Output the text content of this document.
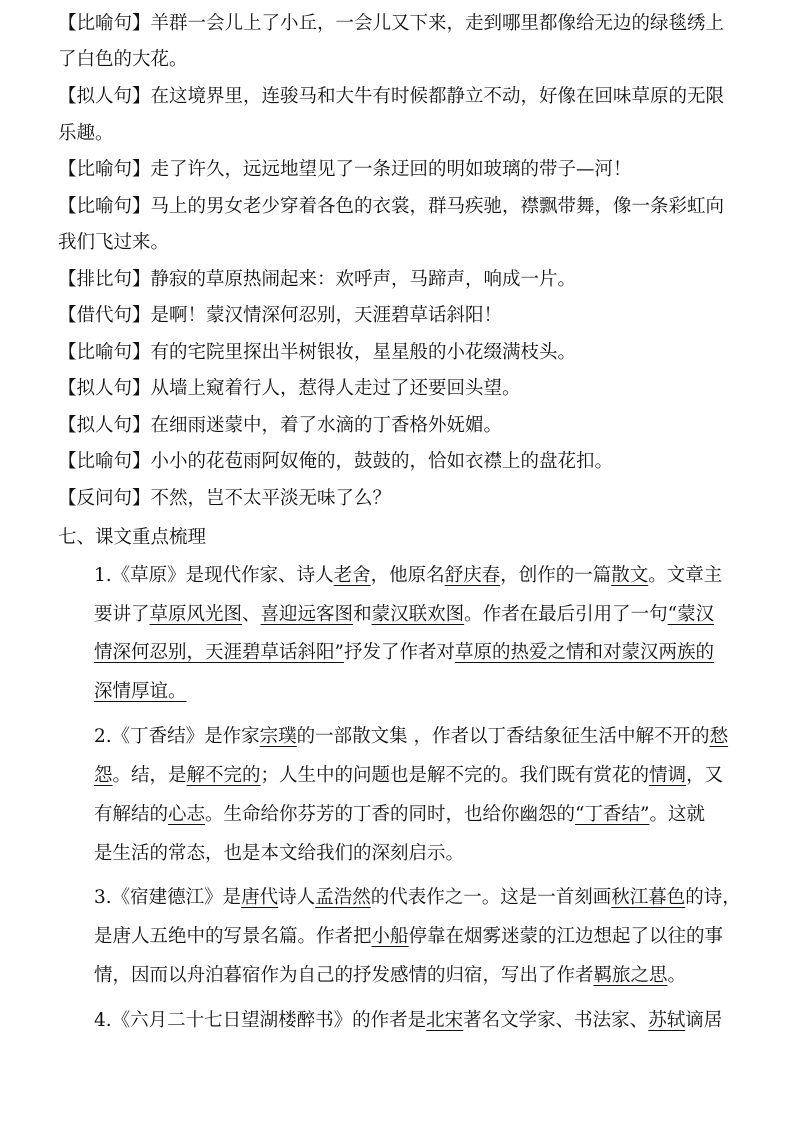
【比喻句】羊群一会儿上了小丘，一会儿又下来，走到哪里都像给无边的绿毯绣上
了白色的大花。
【拟人句】在这境界里，连骏马和大牛有时候都静立不动，好像在回味草原的无限
乐趣。
【比喻句】走了许久，远远地望见了一条迂回的明如玻璃的带子—河！
【比喻句】马上的男女老少穿着各色的衣裳，群马疾驰，襟飘带舞，像一条彩虹向
我们飞过来。
【排比句】静寂的草原热闹起来：欢呼声，马蹄声，响成一片。
【借代句】是啊！蒙汉情深何忍别，天涯碧草话斜阳！
【比喻句】有的宅院里探出半树银妆，星星般的小花缀满枝头。
【拟人句】从墙上窥着行人，惹得人走过了还要回头望。
【拟人句】在细雨迷蒙中，着了水滴的丁香格外妩媚。
【比喻句】小小的花苞雨阿奴俺的，鼓鼓的，恰如衣襟上的盘花扣。
【反问句】不然，岂不太平淡无味了么？
七、课文重点梳理
1.《草原》是现代作家、诗人老舍，他原名舒庆春，创作的一篇散文。文章主
要讲了草原风光图、喜迎远客图和蒙汉联欢图。作者在最后引用了一句“蒙汉
情深何忍别，天涯碧草话斜阳”抒发了作者对草原的热爱之情和对蒙汉两族的
深情厚谊。
2.《丁香结》是作家宗璞的一部散文集 ，作者以丁香结象征生活中解不开的愁
怨。结，是解不完的；人生中的问题也是解不完的。我们既有赏花的情调，又
有解结的心志。生命给你芬芳的丁香的同时，也给你幽怨的“丁香结”。这就
是生活的常态，也是本文给我们的深刻启示。
3.《宿建德江》是唐代诗人孟浩然的代表作之一。这是一首刻画秋江暮色的诗，
是唐人五绝中的写景名篇。作者把小船停靠在烟雾迷蒙的江边想起了以往的事
情，因而以舟泊暮宿作为自己的抒发感情的归宿，写出了作者羁旅之思。
4.《六月二十七日望湖楼醉书》的作者是北宋著名文学家、书法家、苏轼谪居
